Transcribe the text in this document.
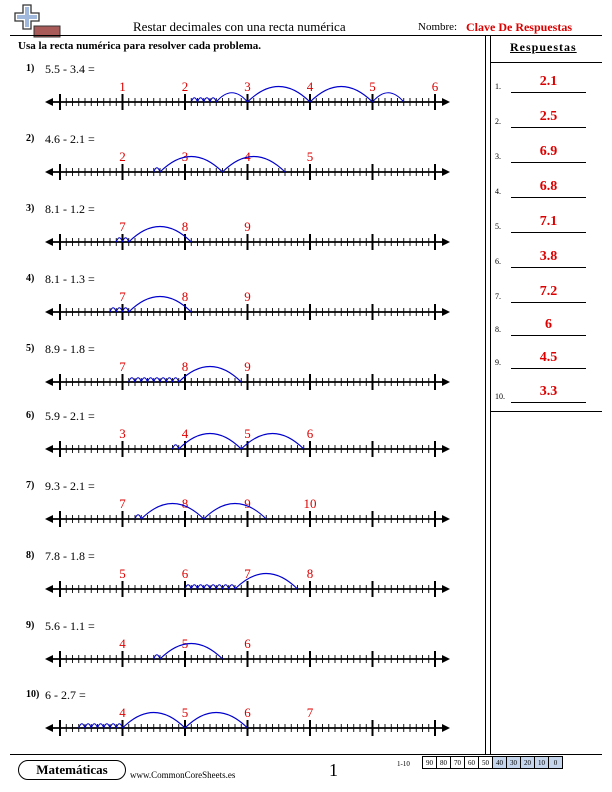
Restar decimales con una recta numérica	Nombre: Clave De Respuestas
Usa la recta numérica para resolver cada problema.	Respuestas
1) 5.5 - 3.4 =
1	2	3	4	5	6
2) 4.6 - 2.1 =
2	3	4	5
3) 8.1 - 1.2 =
7	8	9
4) 8.1 - 1.3 =
7	8	9
5) 8.9 - 1.8 =
7	8	9
6) 5.9 - 2.1 =
3	4	5	6
7) 9.3 - 2.1 =
7	8	9	10
8) 7.8 - 1.8 =
5	6	7	8
9) 5.6 - 1.1 =
4	5	6
10) 6 - 2.7 =
4	5	6	7
1.	2.1
2.	2.5
3.	6.9
4.	6.8
5.	7.1
6.	3.8
7.	7.2
8.	6
9.	4.5
10.	3.3
Matemáticas	www.CommonCoreSheets.es	1	1-10 90	80	70	60	50	40	30	20	10	0
